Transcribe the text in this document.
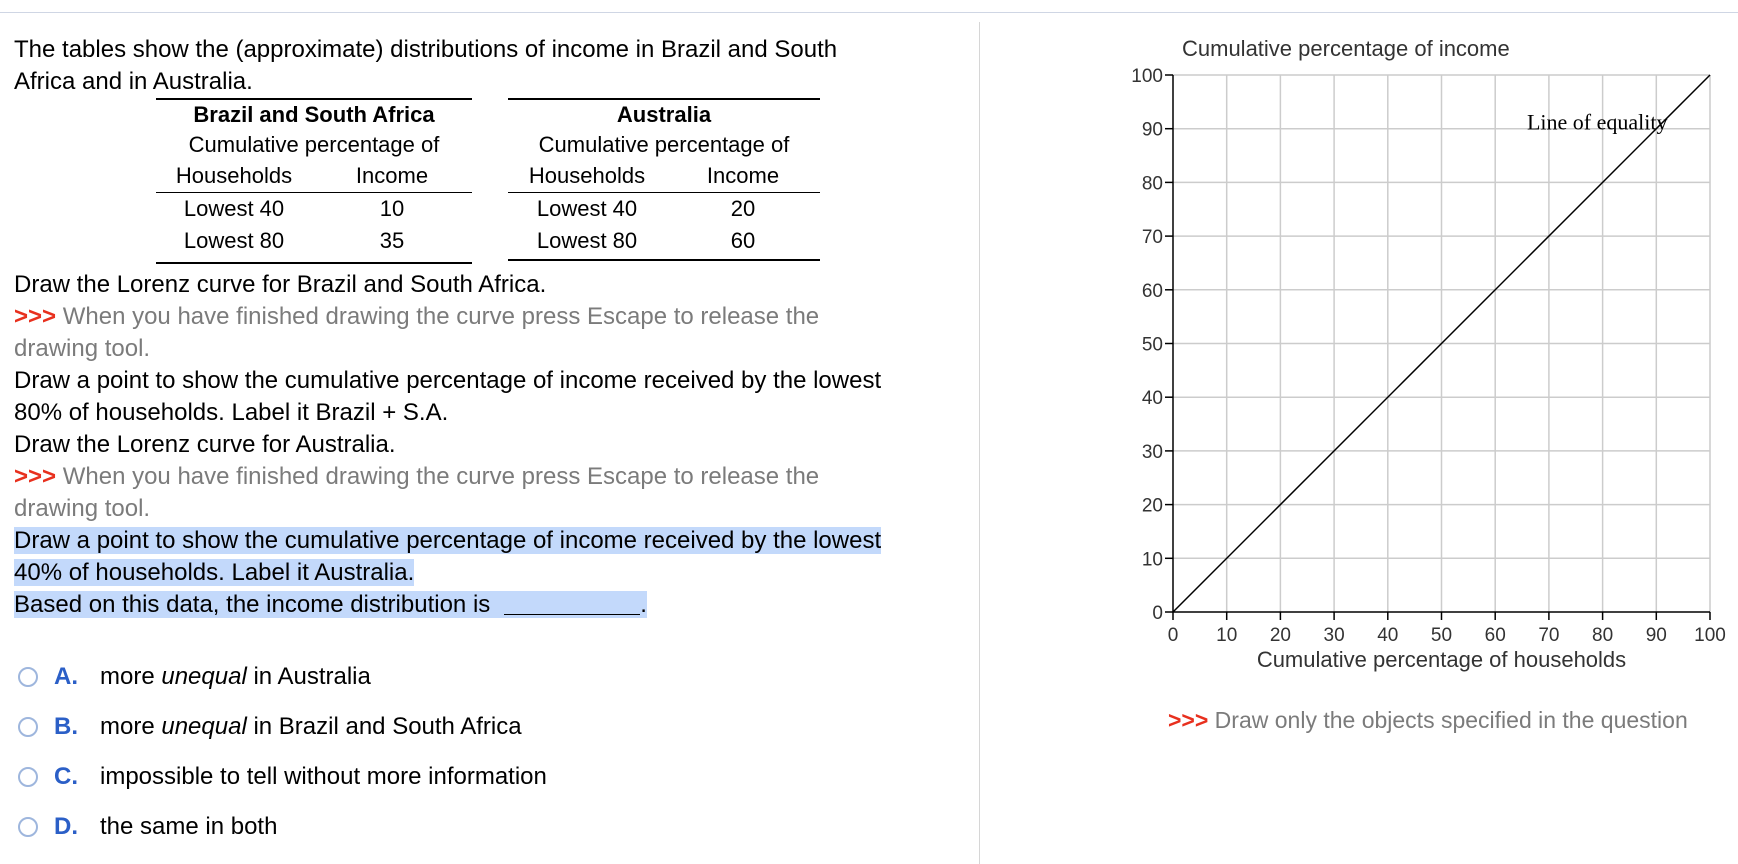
The tables show the (approximate) distributions of income in Brazil and South
Africa and in Australia.
Brazil and South Africa
Cumulative percentage of
Households	Income
Lowest 40	10
Lowest 80	35
Australia
Cumulative percentage of
Households	Income
Lowest 40	20
Lowest 80	60
Draw the Lorenz curve for Brazil and South Africa.
>>> When you have finished drawing the curve press Escape to release the
drawing tool.
Draw a point to show the cumulative percentage of income received by the lowest
80% of households. Label it Brazil + S.A.
Draw the Lorenz curve for Australia.
>>> When you have finished drawing the curve press Escape to release the
drawing tool.
Draw a point to show the cumulative percentage of income received by the lowest
40% of households. Label it Australia.
Based on this data, the income distribution is	.
A. more unequal in Australia
B. more unequal in Brazil and South Africa
C. impossible to tell without more information
D. the same in both
0
10
20
30
40
50
60
70
80
90
100
0 10 20 30 40 50 60 70 80 90 100
Cumulative percentage of income
Cumulative percentage of households
Line of equality
>>> Draw only the objects specified in the question
